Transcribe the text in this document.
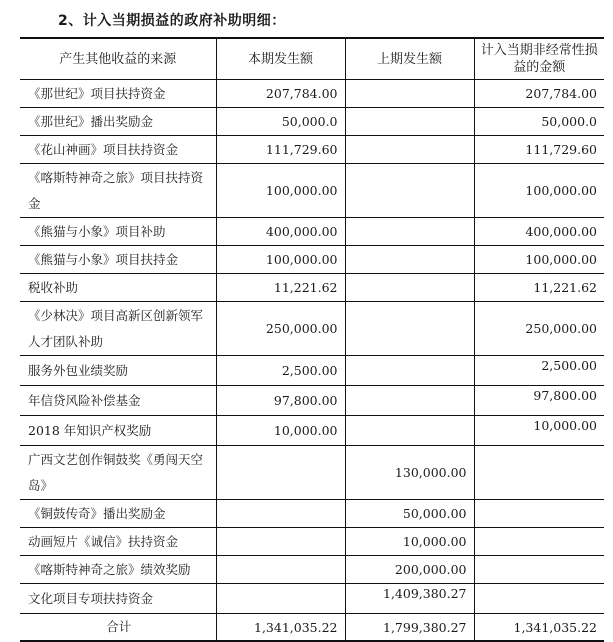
2、计入当期损益的政府补助明细：
产生其他收益的来源	本期发生额	上期发生额	计入当期非经常性损益的金额
《那世纪》项目扶持资金	207,784.00		207,784.00
《那世纪》播出奖励金	50,000.0		50,000.0
《花山神画》项目扶持资金	111,729.60		111,729.60
《喀斯特神奇之旅》项目扶持资金	100,000.00		100,000.00
《熊猫与小象》项目补助	400,000.00		400,000.00
《熊猫与小象》项目扶持金	100,000.00		100,000.00
税收补助	11,221.62		11,221.62
《少林决》项目高新区创新领军人才团队补助	250,000.00		250,000.00
服务外包业绩奖励	2,500.00		2,500.00
年信贷风险补偿基金	97,800.00		97,800.00
2018 年知识产权奖励	10,000.00		10,000.00
广西文艺创作铜鼓奖《勇闯天空岛》		130,000.00	
《铜鼓传奇》播出奖励金		50,000.00	
动画短片《诚信》扶持资金		10,000.00	
《喀斯特神奇之旅》绩效奖励		200,000.00	
文化项目专项扶持资金		1,409,380.27	
合计	1,341,035.22	1,799,380.27	1,341,035.22
